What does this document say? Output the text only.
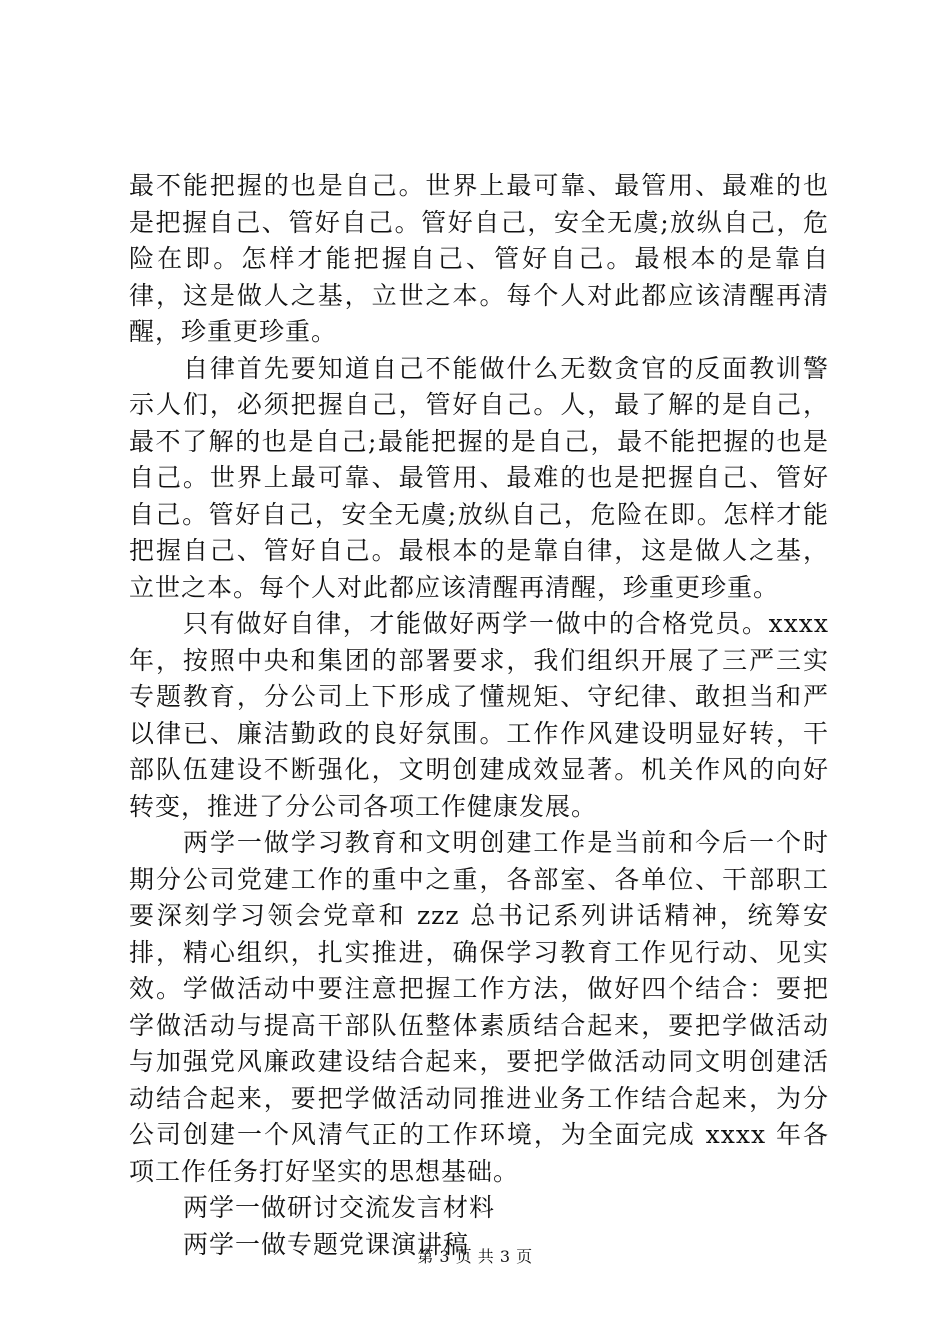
最不能把握的也是自己。世界上最可靠、最管用、最难的也是把握自己、管好自己。管好自己，安全无虞;放纵自己，危险在即。怎样才能把握自己、管好自己。最根本的是靠自律，这是做人之基，立世之本。每个人对此都应该清醒再清醒，珍重更珍重。

自律首先要知道自己不能做什么无数贪官的反面教训警示人们，必须把握自己，管好自己。人，最了解的是自己，最不了解的也是自己;最能把握的是自己，最不能把握的也是自己。世界上最可靠、最管用、最难的也是把握自己、管好自己。管好自己，安全无虞;放纵自己，危险在即。怎样才能把握自己、管好自己。最根本的是靠自律，这是做人之基，立世之本。每个人对此都应该清醒再清醒，珍重更珍重。

只有做好自律，才能做好两学一做中的合格党员。xxxx 年，按照中央和集团的部署要求，我们组织开展了三严三实专题教育，分公司上下形成了懂规矩、守纪律、敢担当和严以律已、廉洁勤政的良好氛围。工作作风建设明显好转，干部队伍建设不断强化，文明创建成效显著。机关作风的向好转变，推进了分公司各项工作健康发展。

两学一做学习教育和文明创建工作是当前和今后一个时期分公司党建工作的重中之重，各部室、各单位、干部职工要深刻学习领会党章和 zzz 总书记系列讲话精神，统筹安排，精心组织，扎实推进，确保学习教育工作见行动、见实效。学做活动中要注意把握工作方法，做好四个结合：要把学做活动与提高干部队伍整体素质结合起来，要把学做活动与加强党风廉政建设结合起来，要把学做活动同文明创建活动结合起来，要把学做活动同推进业务工作结合起来，为分公司创建一个风清气正的工作环境，为全面完成 xxxx 年各项工作任务打好坚实的思想基础。

两学一做研讨交流发言材料

两学一做专题党课演讲稿

第 3 页 共 3 页
